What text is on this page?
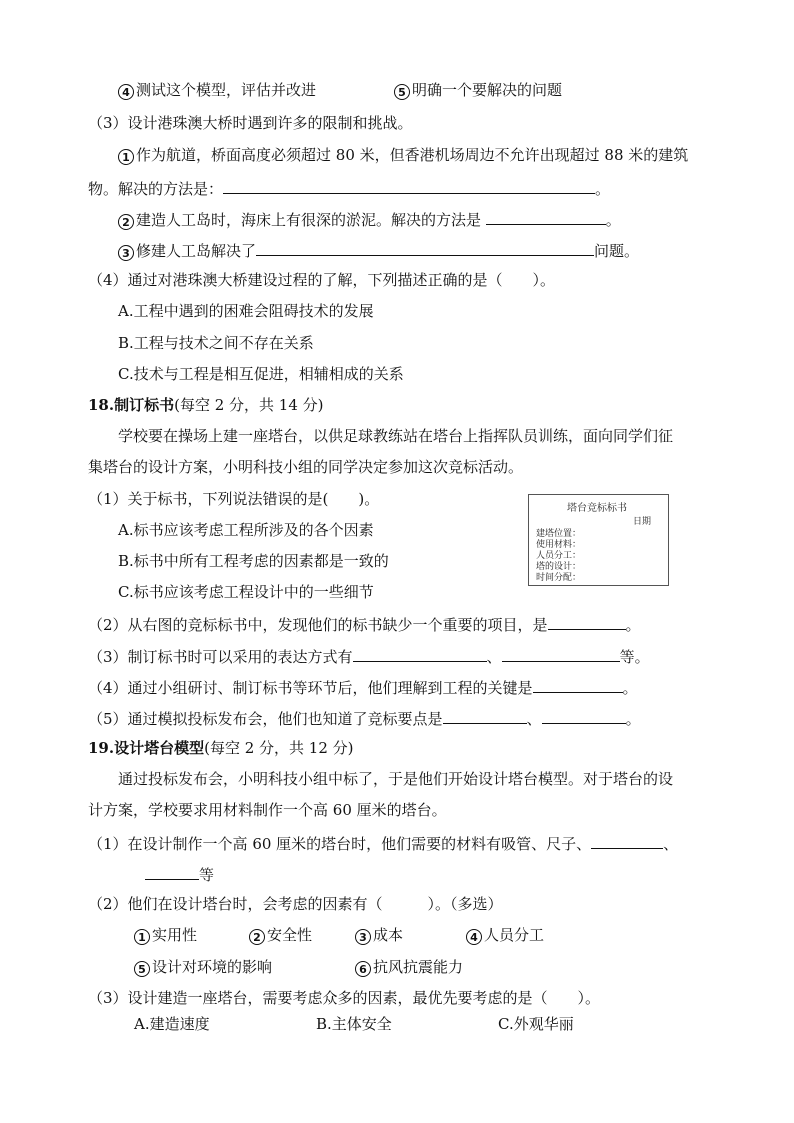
4 测试这个模型，评估并改进	5 明确一个要解决的问题
（3）设计港珠澳大桥时遇到许多的限制和挑战。
1 作为航道，桥面高度必须超过 80 米，但香港机场周边不允许出现超过 88 米的建筑
物。解决的方法是：	。
2 建造人工岛时，海床上有很深的淤泥。解决的方法是	。
3 修建人工岛解决了	问题。
（4）通过对港珠澳大桥建设过程的了解，下列描述正确的是（　　）。
A.工程中遇到的困难会阻碍技术的发展
B.工程与技术之间不存在关系
C.技术与工程是相互促进，相辅相成的关系
18.制订标书(每空 2 分，共 14 分)
学校要在操场上建一座塔台，以供足球教练站在塔台上指挥队员训练，面向同学们征
集塔台的设计方案，小明科技小组的同学决定参加这次竞标活动。
（1）关于标书，下列说法错误的是(　　)。
A.标书应该考虑工程所涉及的各个因素
B.标书中所有工程考虑的因素都是一致的
C.标书应该考虑工程设计中的一些细节
塔台竞标标书
日期
建塔位置：
使用材料：
人员分工：
塔的设计：
时间分配：
（2）从右图的竞标标书中，发现他们的标书缺少一个重要的项目，是	。
（3）制订标书时可以采用的表达方式有	、	等。
（4）通过小组研讨、制订标书等环节后，他们理解到工程的关键是	。
（5）通过模拟投标发布会，他们也知道了竞标要点是	、	。
19.设计塔台模型(每空 2 分，共 12 分)
通过投标发布会，小明科技小组中标了，于是他们开始设计塔台模型。对于塔台的设
计方案，学校要求用材料制作一个高 60 厘米的塔台。
（1）在设计制作一个高 60 厘米的塔台时，他们需要的材料有吸管、尺子、	、
等
（2）他们在设计塔台时，会考虑的因素有（　　　）。（多选）
1 实用性	2 安全性	3 成本	4 人员分工
5 设计对环境的影响	6 抗风抗震能力
（3）设计建造一座塔台，需要考虑众多的因素，最优先要考虑的是（　　）。
A.建造速度	B.主体安全	C.外观华丽
